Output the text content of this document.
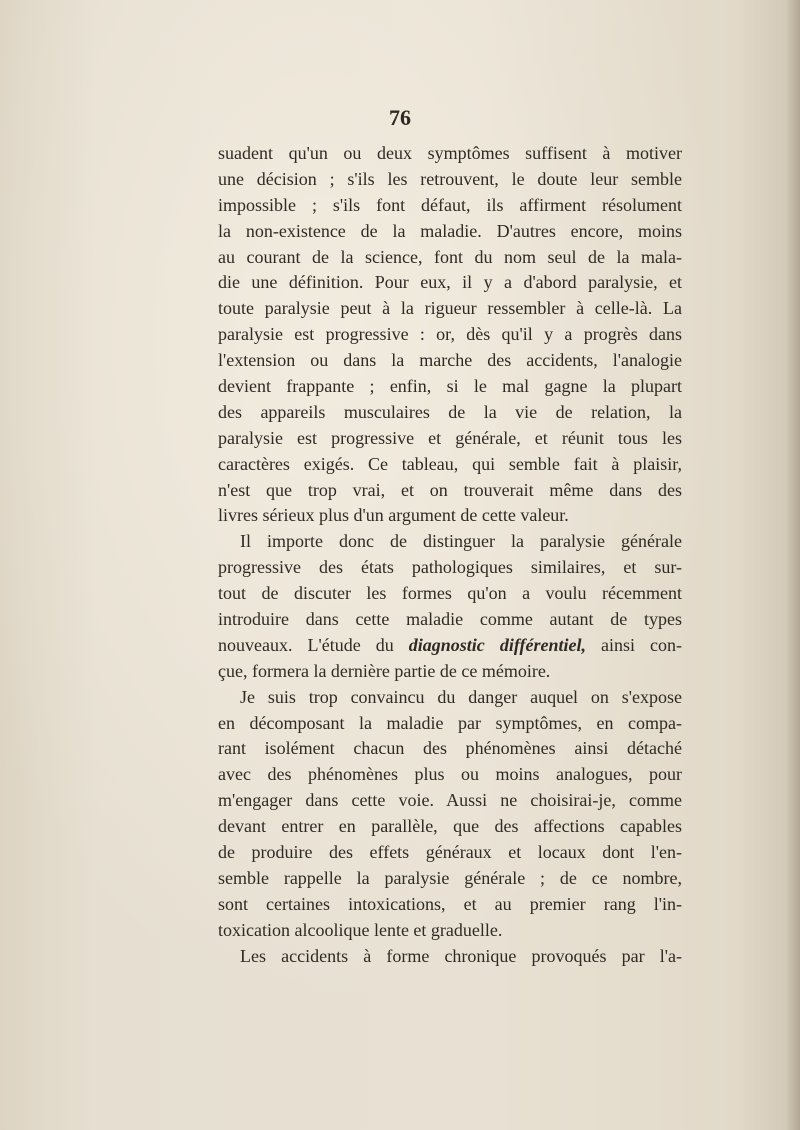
76
suadent qu'un ou deux symptômes suffisent à motiver
une décision ; s'ils les retrouvent, le doute leur semble
impossible ; s'ils font défaut, ils affirment résolument
la non-existence de la maladie. D'autres encore, moins
au courant de la science, font du nom seul de la mala-
die une définition. Pour eux, il y a d'abord paralysie, et
toute paralysie peut à la rigueur ressembler à celle-là. La
paralysie est progressive : or, dès qu'il y a progrès dans
l'extension ou dans la marche des accidents, l'analogie
devient frappante ; enfin, si le mal gagne la plupart
des appareils musculaires de la vie de relation, la
paralysie est progressive et générale, et réunit tous les
caractères exigés. Ce tableau, qui semble fait à plaisir,
n'est que trop vrai, et on trouverait même dans des
livres sérieux plus d'un argument de cette valeur.
Il importe donc de distinguer la paralysie générale
progressive des états pathologiques similaires, et sur-
tout de discuter les formes qu'on a voulu récemment
introduire dans cette maladie comme autant de types
nouveaux. L'étude du diagnostic différentiel, ainsi con-
çue, formera la dernière partie de ce mémoire.
Je suis trop convaincu du danger auquel on s'expose
en décomposant la maladie par symptômes, en compa-
rant isolément chacun des phénomènes ainsi détaché
avec des phénomènes plus ou moins analogues, pour
m'engager dans cette voie. Aussi ne choisirai-je, comme
devant entrer en parallèle, que des affections capables
de produire des effets généraux et locaux dont l'en-
semble rappelle la paralysie générale ; de ce nombre,
sont certaines intoxications, et au premier rang l'in-
toxication alcoolique lente et graduelle.
Les accidents à forme chronique provoqués par l'a-
